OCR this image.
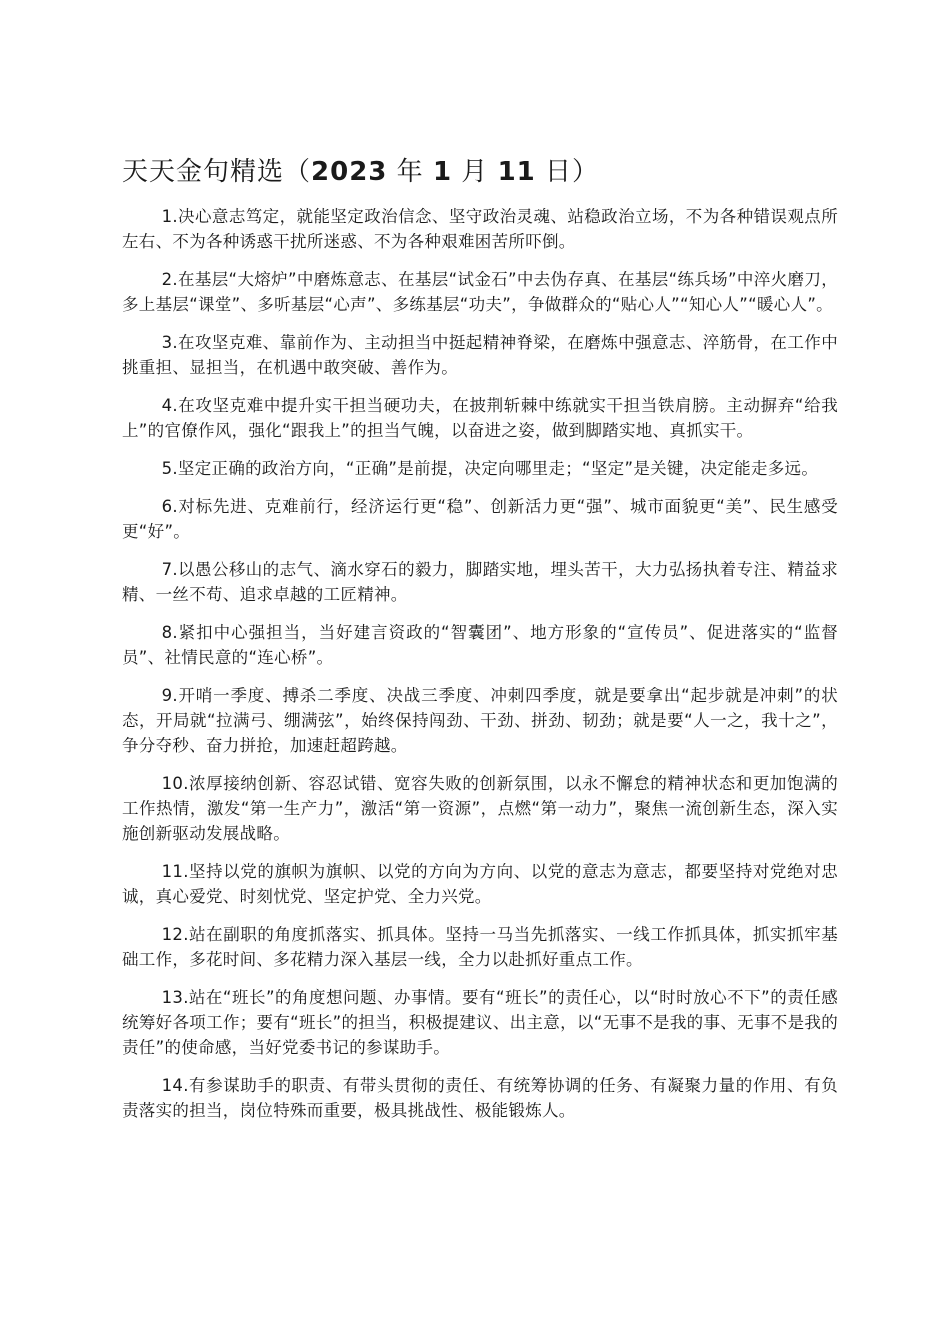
天天金句精选（2023 年 1 月 11 日）

1.决心意志笃定，就能坚定政治信念、坚守政治灵魂、站稳政治立场，不为各种错误观点所左右、不为各种诱惑干扰所迷惑、不为各种艰难困苦所吓倒。

2.在基层“大熔炉”中磨炼意志、在基层“试金石”中去伪存真、在基层“练兵场”中淬火磨刀，多上基层“课堂”、多听基层“心声”、多练基层“功夫”，争做群众的“贴心人”“知心人”“暖心人”。

3.在攻坚克难、靠前作为、主动担当中挺起精神脊梁，在磨炼中强意志、淬筋骨，在工作中挑重担、显担当，在机遇中敢突破、善作为。

4.在攻坚克难中提升实干担当硬功夫，在披荆斩棘中练就实干担当铁肩膀。主动摒弃“给我上”的官僚作风，强化“跟我上”的担当气魄，以奋进之姿，做到脚踏实地、真抓实干。

5.坚定正确的政治方向，“正确”是前提，决定向哪里走；“坚定”是关键，决定能走多远。

6.对标先进、克难前行，经济运行更“稳”、创新活力更“强”、城市面貌更“美”、民生感受更“好”。

7.以愚公移山的志气、滴水穿石的毅力，脚踏实地，埋头苦干，大力弘扬执着专注、精益求精、一丝不苟、追求卓越的工匠精神。

8.紧扣中心强担当，当好建言资政的“智囊团”、地方形象的“宣传员”、促进落实的“监督员”、社情民意的“连心桥”。

9.开哨一季度、搏杀二季度、决战三季度、冲刺四季度，就是要拿出“起步就是冲刺”的状态，开局就“拉满弓、绷满弦”，始终保持闯劲、干劲、拼劲、韧劲；就是要“人一之，我十之”，争分夺秒、奋力拼抢，加速赶超跨越。

10.浓厚接纳创新、容忍试错、宽容失败的创新氛围，以永不懈怠的精神状态和更加饱满的工作热情，激发“第一生产力”，激活“第一资源”，点燃“第一动力”，聚焦一流创新生态，深入实施创新驱动发展战略。

11.坚持以党的旗帜为旗帜、以党的方向为方向、以党的意志为意志，都要坚持对党绝对忠诚，真心爱党、时刻忧党、坚定护党、全力兴党。

12.站在副职的角度抓落实、抓具体。坚持一马当先抓落实、一线工作抓具体，抓实抓牢基础工作，多花时间、多花精力深入基层一线，全力以赴抓好重点工作。

13.站在“班长”的角度想问题、办事情。要有“班长”的责任心，以“时时放心不下”的责任感统筹好各项工作；要有“班长”的担当，积极提建议、出主意，以“无事不是我的事、无事不是我的责任”的使命感，当好党委书记的参谋助手。

14.有参谋助手的职责、有带头贯彻的责任、有统筹协调的任务、有凝聚力量的作用、有负责落实的担当，岗位特殊而重要，极具挑战性、极能锻炼人。
